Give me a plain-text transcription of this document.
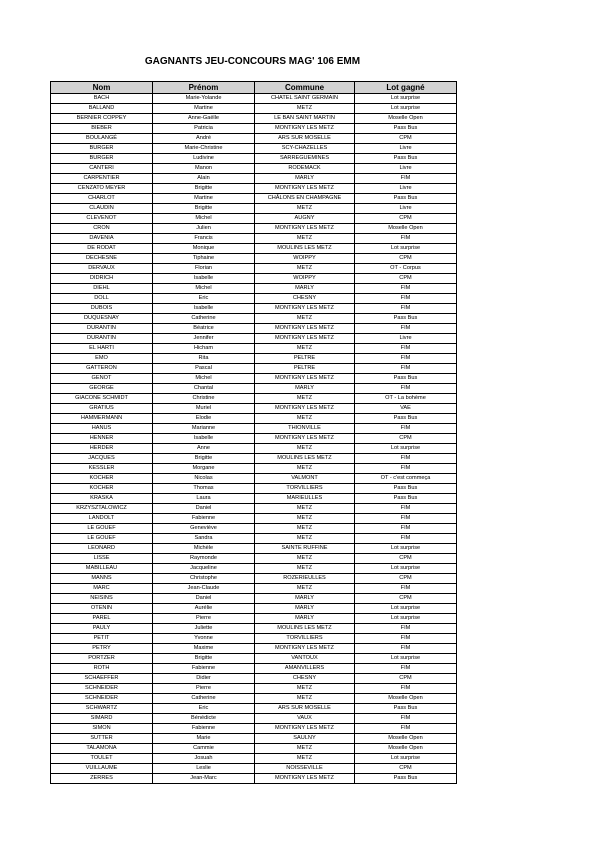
GAGNANTS JEU-CONCOURS MAG' 106 EMM
Nom	Prénom	Commune	Lot gagné
BACH	Marie-Yolande	CHATEL SAINT GERMAIN	Lot surprise
BALLAND	Martine	METZ	Lot surprise
BERNIER COPPEY	Anne-Gaëlle	LE BAN SAINT MARTIN	Moselle Open
BIEBER	Patricia	MONTIGNY LES METZ	Pass Bus
BOULANGÉ	André	ARS SUR MOSELLE	CPM
BURGER	Marie-Christine	SCY-CHAZELLES	Livre
BURGER	Ludivine	SARREGUEMINES	Pass Bus
CANTERI	Manon	RODEMACK	Livre
CARPENTIER	Alain	MARLY	FIM
CENZATO MEYER	Brigitte	MONTIGNY LES METZ	Livre
CHARLOT	Martine	CHÂLONS EN CHAMPAGNE	Pass Bus
CLAUDIN	Brigitte	METZ	Livre
CLEVENOT	Michel	AUGNY	CPM
CRON	Julien	MONTIGNY LES METZ	Moselle Open
DAVENIA	Francis	METZ	FIM
DE RODAT	Monique	MOULINS LES METZ	Lot surprise
DECHESNE	Tiphaine	WOIPPY	CPM
DERVAUX	Florian	METZ	OT - Corpus
DIDRICH	Isabelle	WOIPPY	CPM
DIEHL	Michel	MARLY	FIM
DOLL	Eric	CHESNY	FIM
DUBOIS	Isabelle	MONTIGNY LES METZ	FIM
DUQUESNAY	Catherine	METZ	Pass Bus
DURANTIN	Béatrice	MONTIGNY LES METZ	FIM
DURANTIN	Jennifer	MONTIGNY LES METZ	Livre
EL HARTI	Hicham	METZ	FIM
EMO	Rita	PELTRE	FIM
GATTERON	Pascal	PELTRE	FIM
GENOT	Michel	MONTIGNY LES METZ	Pass Bus
GEORGE	Chantal	MARLY	FIM
GIACONE SCHMIDT	Christine	METZ	OT - La bohème
GRATIUS	Muriel	MONTIGNY LES METZ	VAE
HAMMERMANN	Elodie	METZ	Pass Bus
HANUS	Marianne	THIONVILLE	FIM
HENNER	Isabelle	MONTIGNY LES METZ	CPM
HERDER	Anne	METZ	Lot surprise
JACQUES	Brigitte	MOULINS LES METZ	FIM
KESSLER	Morgane	METZ	FIM
KOCHER	Nicolas	VALMONT	OT - c'est commeça
KOCHER	Thomas	TORVILLIERS	Pass Bus
KRASKA	Laura	MARIEULLES	Pass Bus
KRZYSZTALOWICZ	Daniel	METZ	FIM
LANDOLT	Fabienne	METZ	FIM
LE GOUEF	Geneviève	METZ	FIM
LE GOUEF	Sandra	METZ	FIM
LEONARD	Michèle	SAINTE RUFFINE	Lot surprise
LISSE	Raymonde	METZ	CPM
MABILLEAU	Jacqueline	METZ	Lot surprise
MANNS	Christophe	ROZERIEULLES	CPM
MARC	Jean-Claude	METZ	FIM
NEISINS	Daniel	MARLY	CPM
OTENIN	Aurélie	MARLY	Lot surprise
PAREL	Pierre	MARLY	Lot surprise
PAULY	Juliette	MOULINS LES METZ	FIM
PETIT	Yvonne	TORVILLIERS	FIM
PETRY	Maxime	MONTIGNY LES METZ	FIM
PORTZER	Brigitte	VANTOUX	Lot surprise
ROTH	Fabienne	AMANVILLERS	FIM
SCHAEFFER	Didier	CHESNY	CPM
SCHNEIDER	Pierre	METZ	FIM
SCHNEIDER	Catherine	METZ	Moselle Open
SCHWARTZ	Eric	ARS SUR MOSELLE	Pass Bus
SIMARD	Bénédicte	VAUX	FIM
SIMON	Fabienne	MONTIGNY LES METZ	FIM
SUTTER	Marie	SAULNY	Moselle Open
TALAMONA	Cammie	METZ	Moselle Open
TOULET	Josuah	METZ	Lot surprise
VUILLAUME	Leslie	NOISSEVILLE	CPM
ZERRES	Jean-Marc	MONTIGNY LES METZ	Pass Bus
